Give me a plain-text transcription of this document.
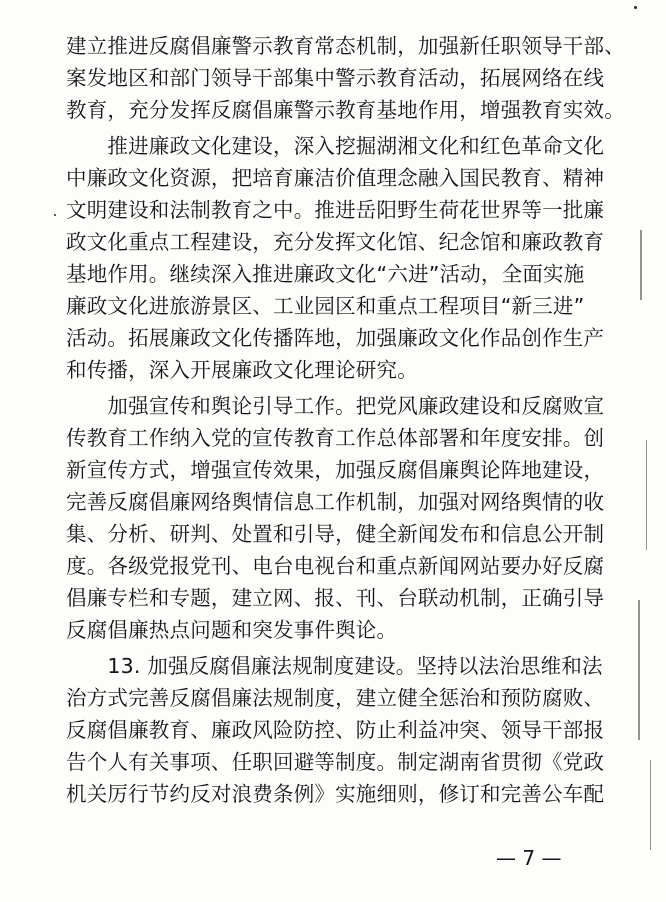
建立推进反腐倡廉警示教育常态机制，加强新任职领导干部、
案发地区和部门领导干部集中警示教育活动，拓展网络在线
教育，充分发挥反腐倡廉警示教育基地作用，增强教育实效。
　　推进廉政文化建设，深入挖掘湖湘文化和红色革命文化
中廉政文化资源，把培育廉洁价值理念融入国民教育、精神
文明建设和法制教育之中。推进岳阳野生荷花世界等一批廉
政文化重点工程建设，充分发挥文化馆、纪念馆和廉政教育
基地作用。继续深入推进廉政文化“六进”活动，全面实施
廉政文化进旅游景区、工业园区和重点工程项目“新三进”
活动。拓展廉政文化传播阵地，加强廉政文化作品创作生产
和传播，深入开展廉政文化理论研究。
　　加强宣传和舆论引导工作。把党风廉政建设和反腐败宣
传教育工作纳入党的宣传教育工作总体部署和年度安排。创
新宣传方式，增强宣传效果，加强反腐倡廉舆论阵地建设，
完善反腐倡廉网络舆情信息工作机制，加强对网络舆情的收
集、分析、研判、处置和引导，健全新闻发布和信息公开制
度。各级党报党刊、电台电视台和重点新闻网站要办好反腐
倡廉专栏和专题，建立网、报、刊、台联动机制，正确引导
反腐倡廉热点问题和突发事件舆论。
　　13. 加强反腐倡廉法规制度建设。坚持以法治思维和法
治方式完善反腐倡廉法规制度，建立健全惩治和预防腐败、
反腐倡廉教育、廉政风险防控、防止利益冲突、领导干部报
告个人有关事项、任职回避等制度。制定湖南省贯彻《党政
机关厉行节约反对浪费条例》实施细则，修订和完善公车配
— 7 —
